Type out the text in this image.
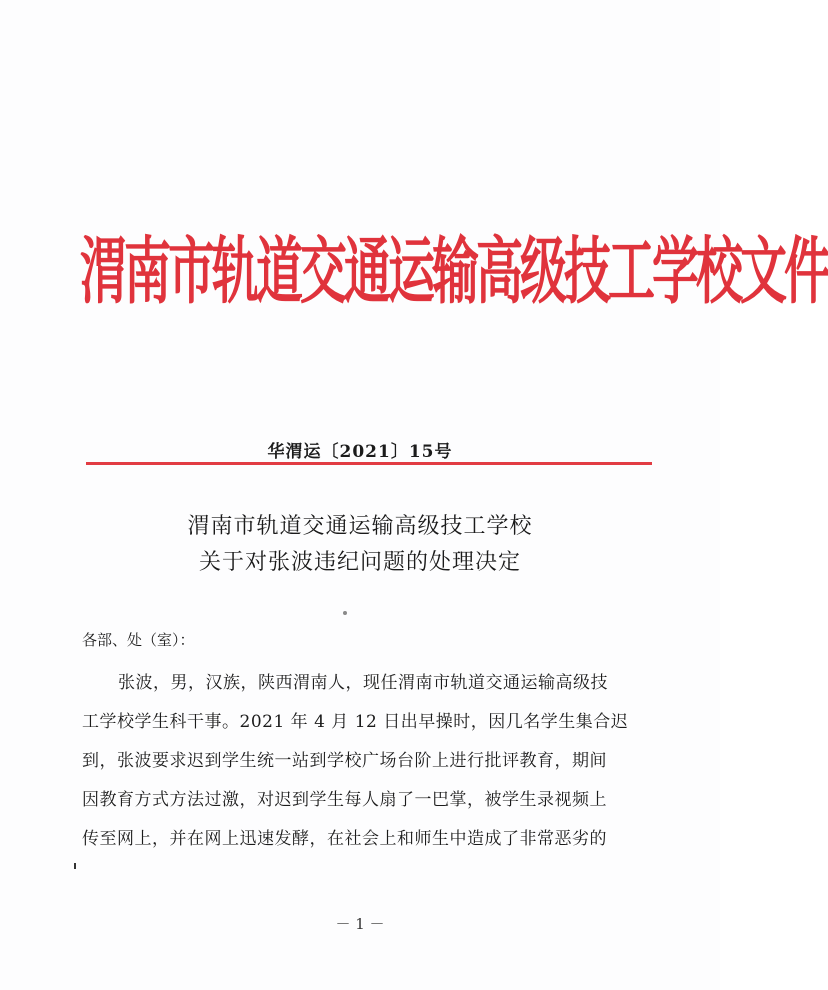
渭南市轨道交通运输高级技工学校文件
华渭运〔2021〕15号
渭南市轨道交通运输高级技工学校
关于对张波违纪问题的处理决定
各部、处（室）：
张波，男，汉族，陕西渭南人，现任渭南市轨道交通运输高级技
工学校学生科干事。2021 年 4 月 12 日出早操时，因几名学生集合迟
到，张波要求迟到学生统一站到学校广场台阶上进行批评教育，期间
因教育方式方法过激，对迟到学生每人扇了一巴掌，被学生录视频上
传至网上，并在网上迅速发酵，在社会上和师生中造成了非常恶劣的
－ 1 －
